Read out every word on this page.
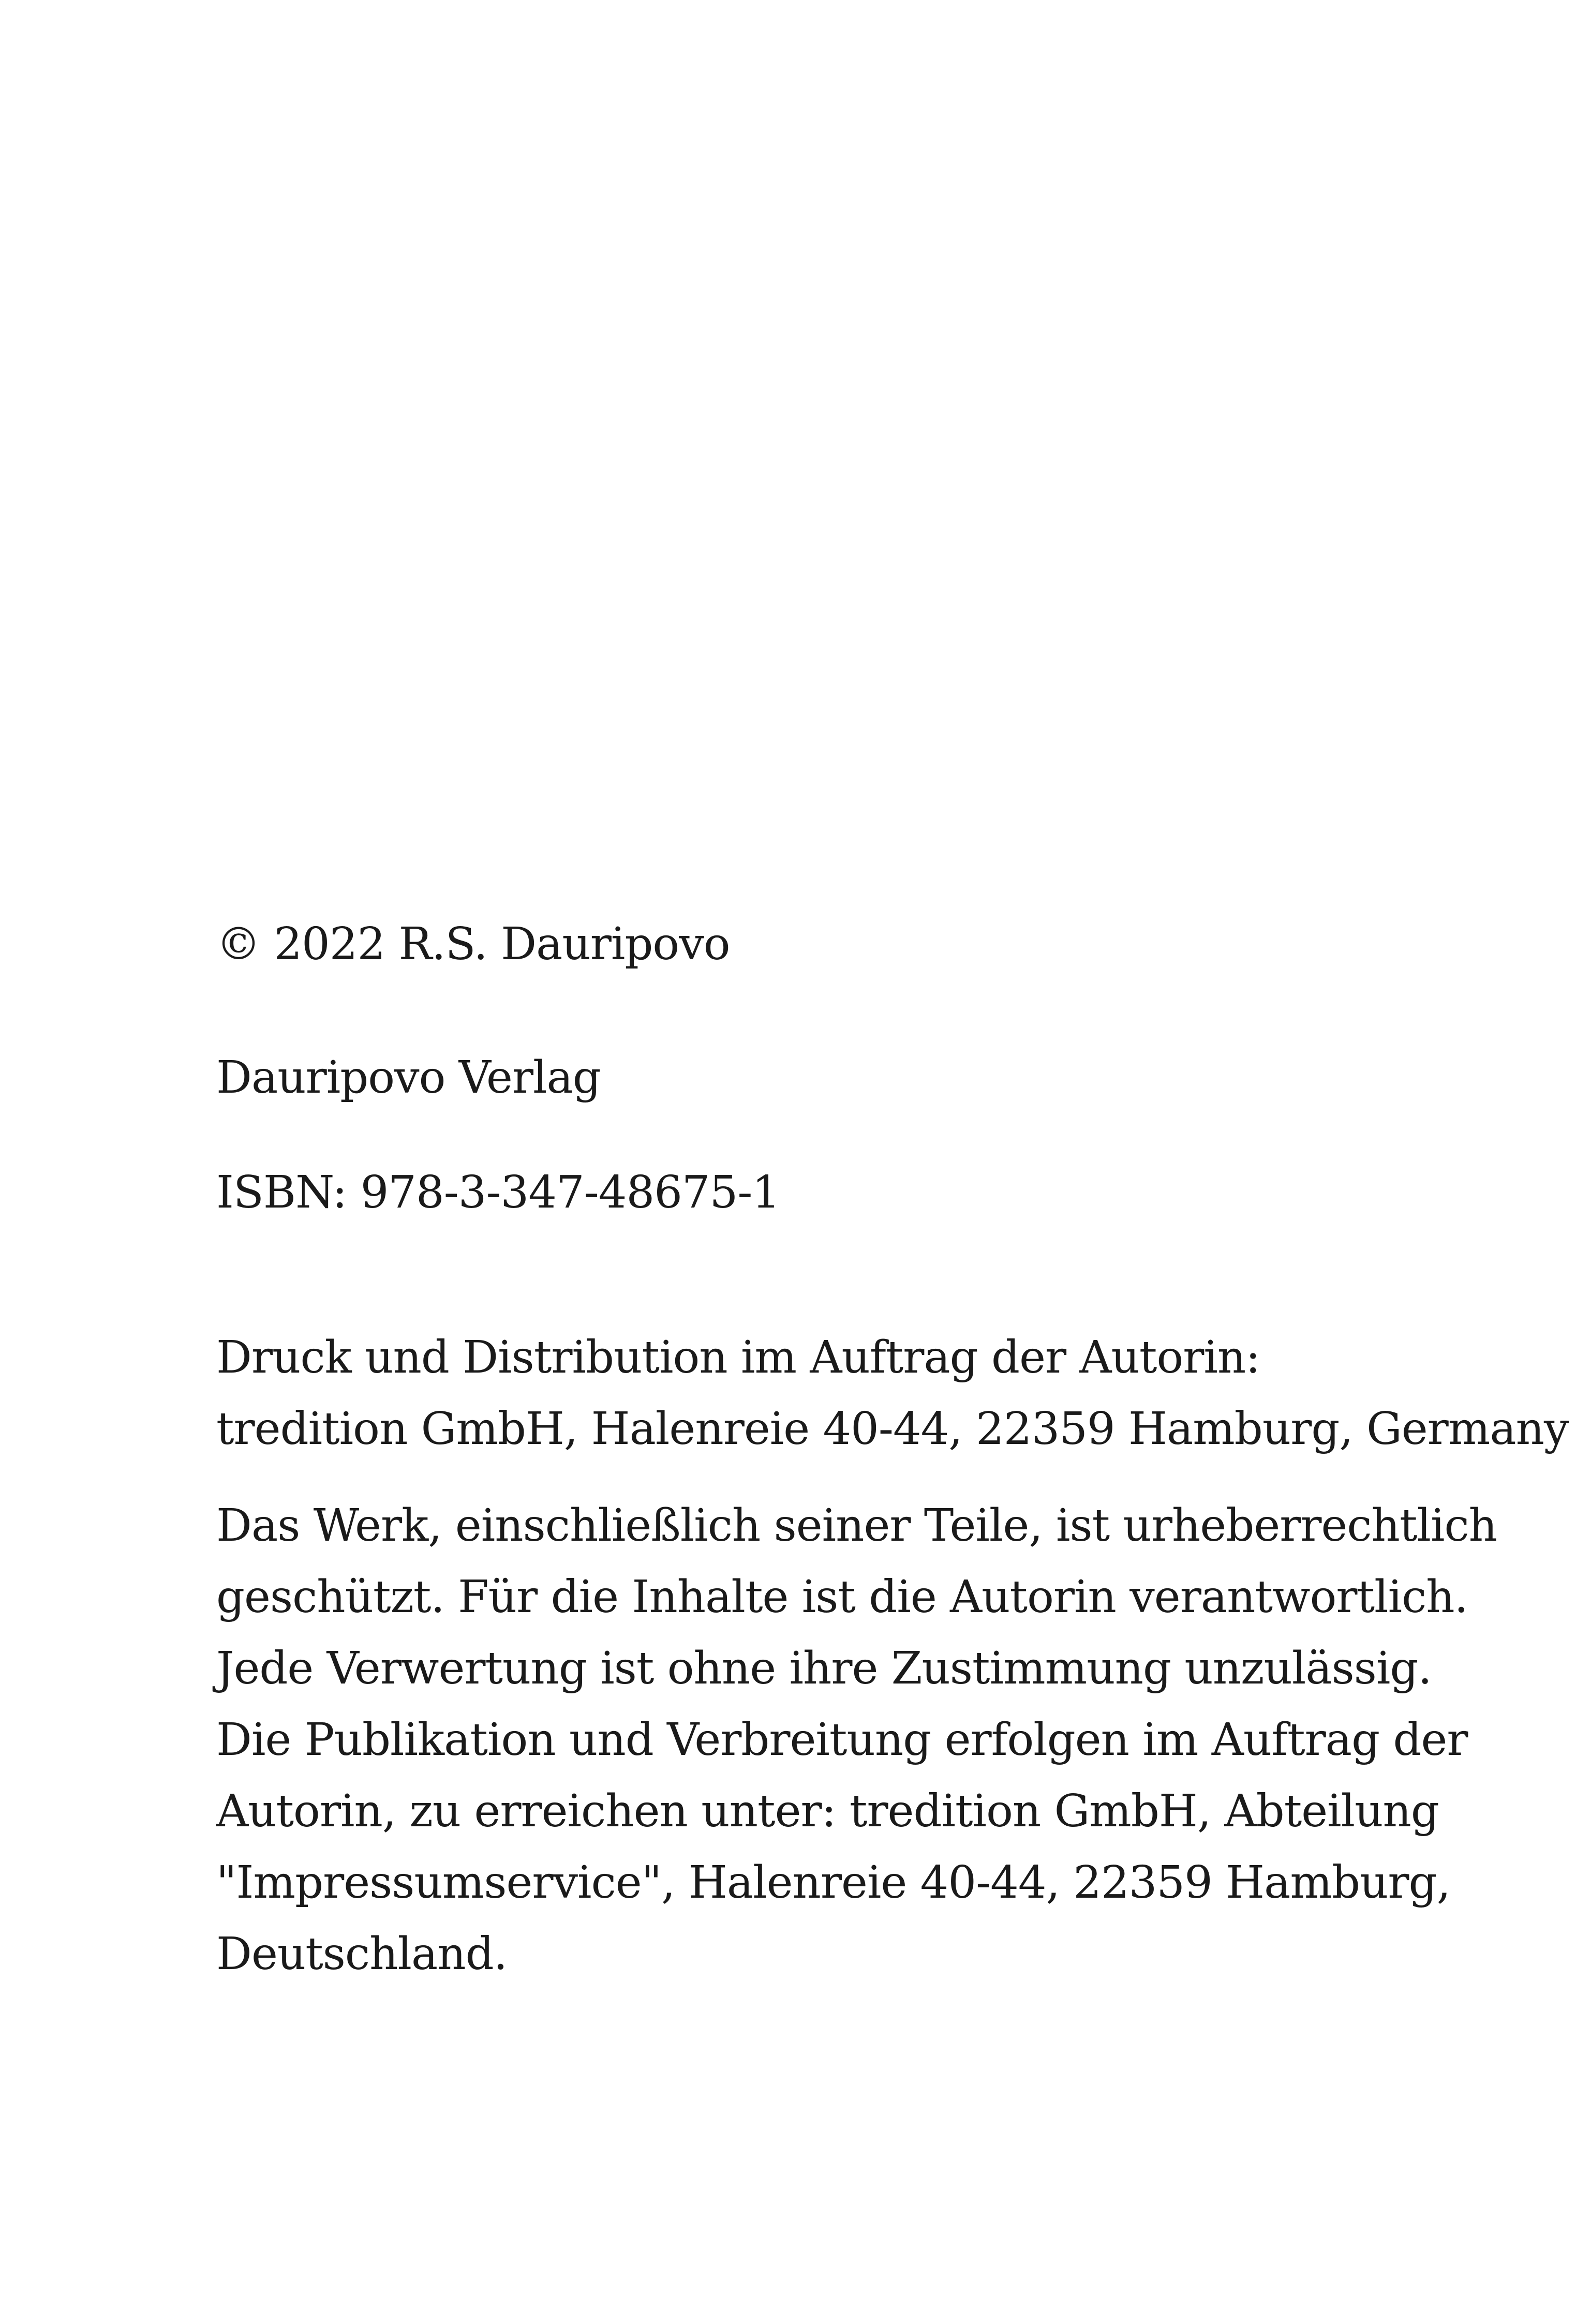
© 2022 R.S. Dauripovo

Dauripovo Verlag

ISBN: 978-3-347-48675-1

Druck und Distribution im Auftrag der Autorin:
tredition GmbH, Halenreie 40-44, 22359 Hamburg, Germany
Das Werk, einschließlich seiner Teile, ist urheberrechtlich
geschützt. Für die Inhalte ist die Autorin verantwortlich.
Jede Verwertung ist ohne ihre Zustimmung unzulässig.
Die Publikation und Verbreitung erfolgen im Auftrag der
Autorin, zu erreichen unter: tredition GmbH, Abteilung
"Impressumservice", Halenreie 40-44, 22359 Hamburg,
Deutschland.
